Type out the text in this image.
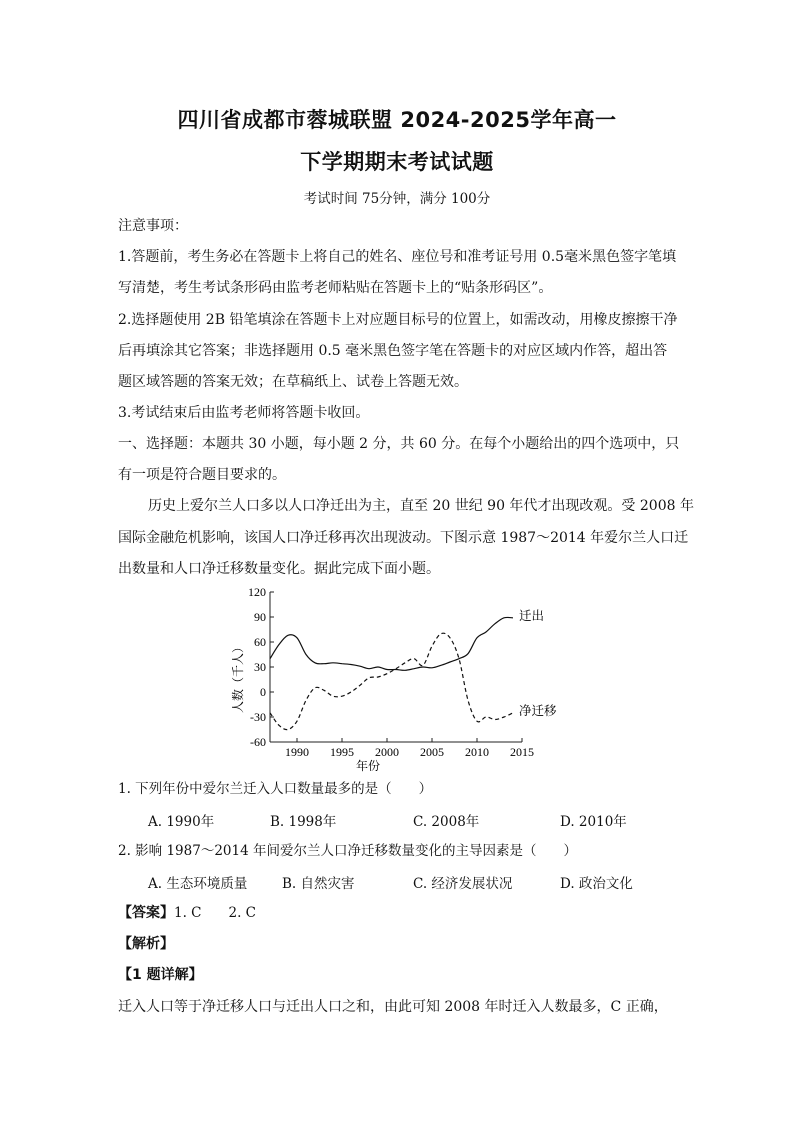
四川省成都市蓉城联盟 2024-2025学年高一
下学期期末考试试题
考试时间 75分钟，满分 100分
注意事项：
1.答题前，考生务必在答题卡上将自己的姓名、座位号和准考证号用 0.5毫米黑色签字笔填
写清楚，考生考试条形码由监考老师粘贴在答题卡上的“贴条形码区”。
2.选择题使用 2B 铅笔填涂在答题卡上对应题目标号的位置上，如需改动，用橡皮擦擦干净
后再填涂其它答案；非选择题用 0.5 毫米黑色签字笔在答题卡的对应区域内作答，超出答
题区域答题的答案无效；在草稿纸上、试卷上答题无效。
3.考试结束后由监考老师将答题卡收回。
一、选择题：本题共 30 小题，每小题 2 分，共 60 分。在每个小题给出的四个选项中，只
有一项是符合题目要求的。
历史上爱尔兰人口多以人口净迁出为主，直至 20 世纪 90 年代才出现改观。受 2008 年
国际金融危机影响，该国人口净迁移再次出现波动。下图示意 1987～2014 年爱尔兰人口迁
出数量和人口净迁移数量变化。据此完成下面小题。
120
90
60
30
0
-30
-60
1990 1995 2000 2005 2010 2015
年份
人数（千人）
迁出
净迁移
1. 下列年份中爱尔兰迁入人口数量最多的是（　　）
A. 1990年	B. 1998年	C. 2008年	D. 2010年
2. 影响 1987～2014 年间爱尔兰人口净迁移数量变化的主导因素是（　　）
A. 生态环境质量	B. 自然灾害	C. 经济发展状况	D. 政治文化
【答案】1. C　　2. C
【解析】
【1 题详解】
迁入人口等于净迁移人口与迁出人口之和，由此可知 2008 年时迁入人数最多，C 正确，
